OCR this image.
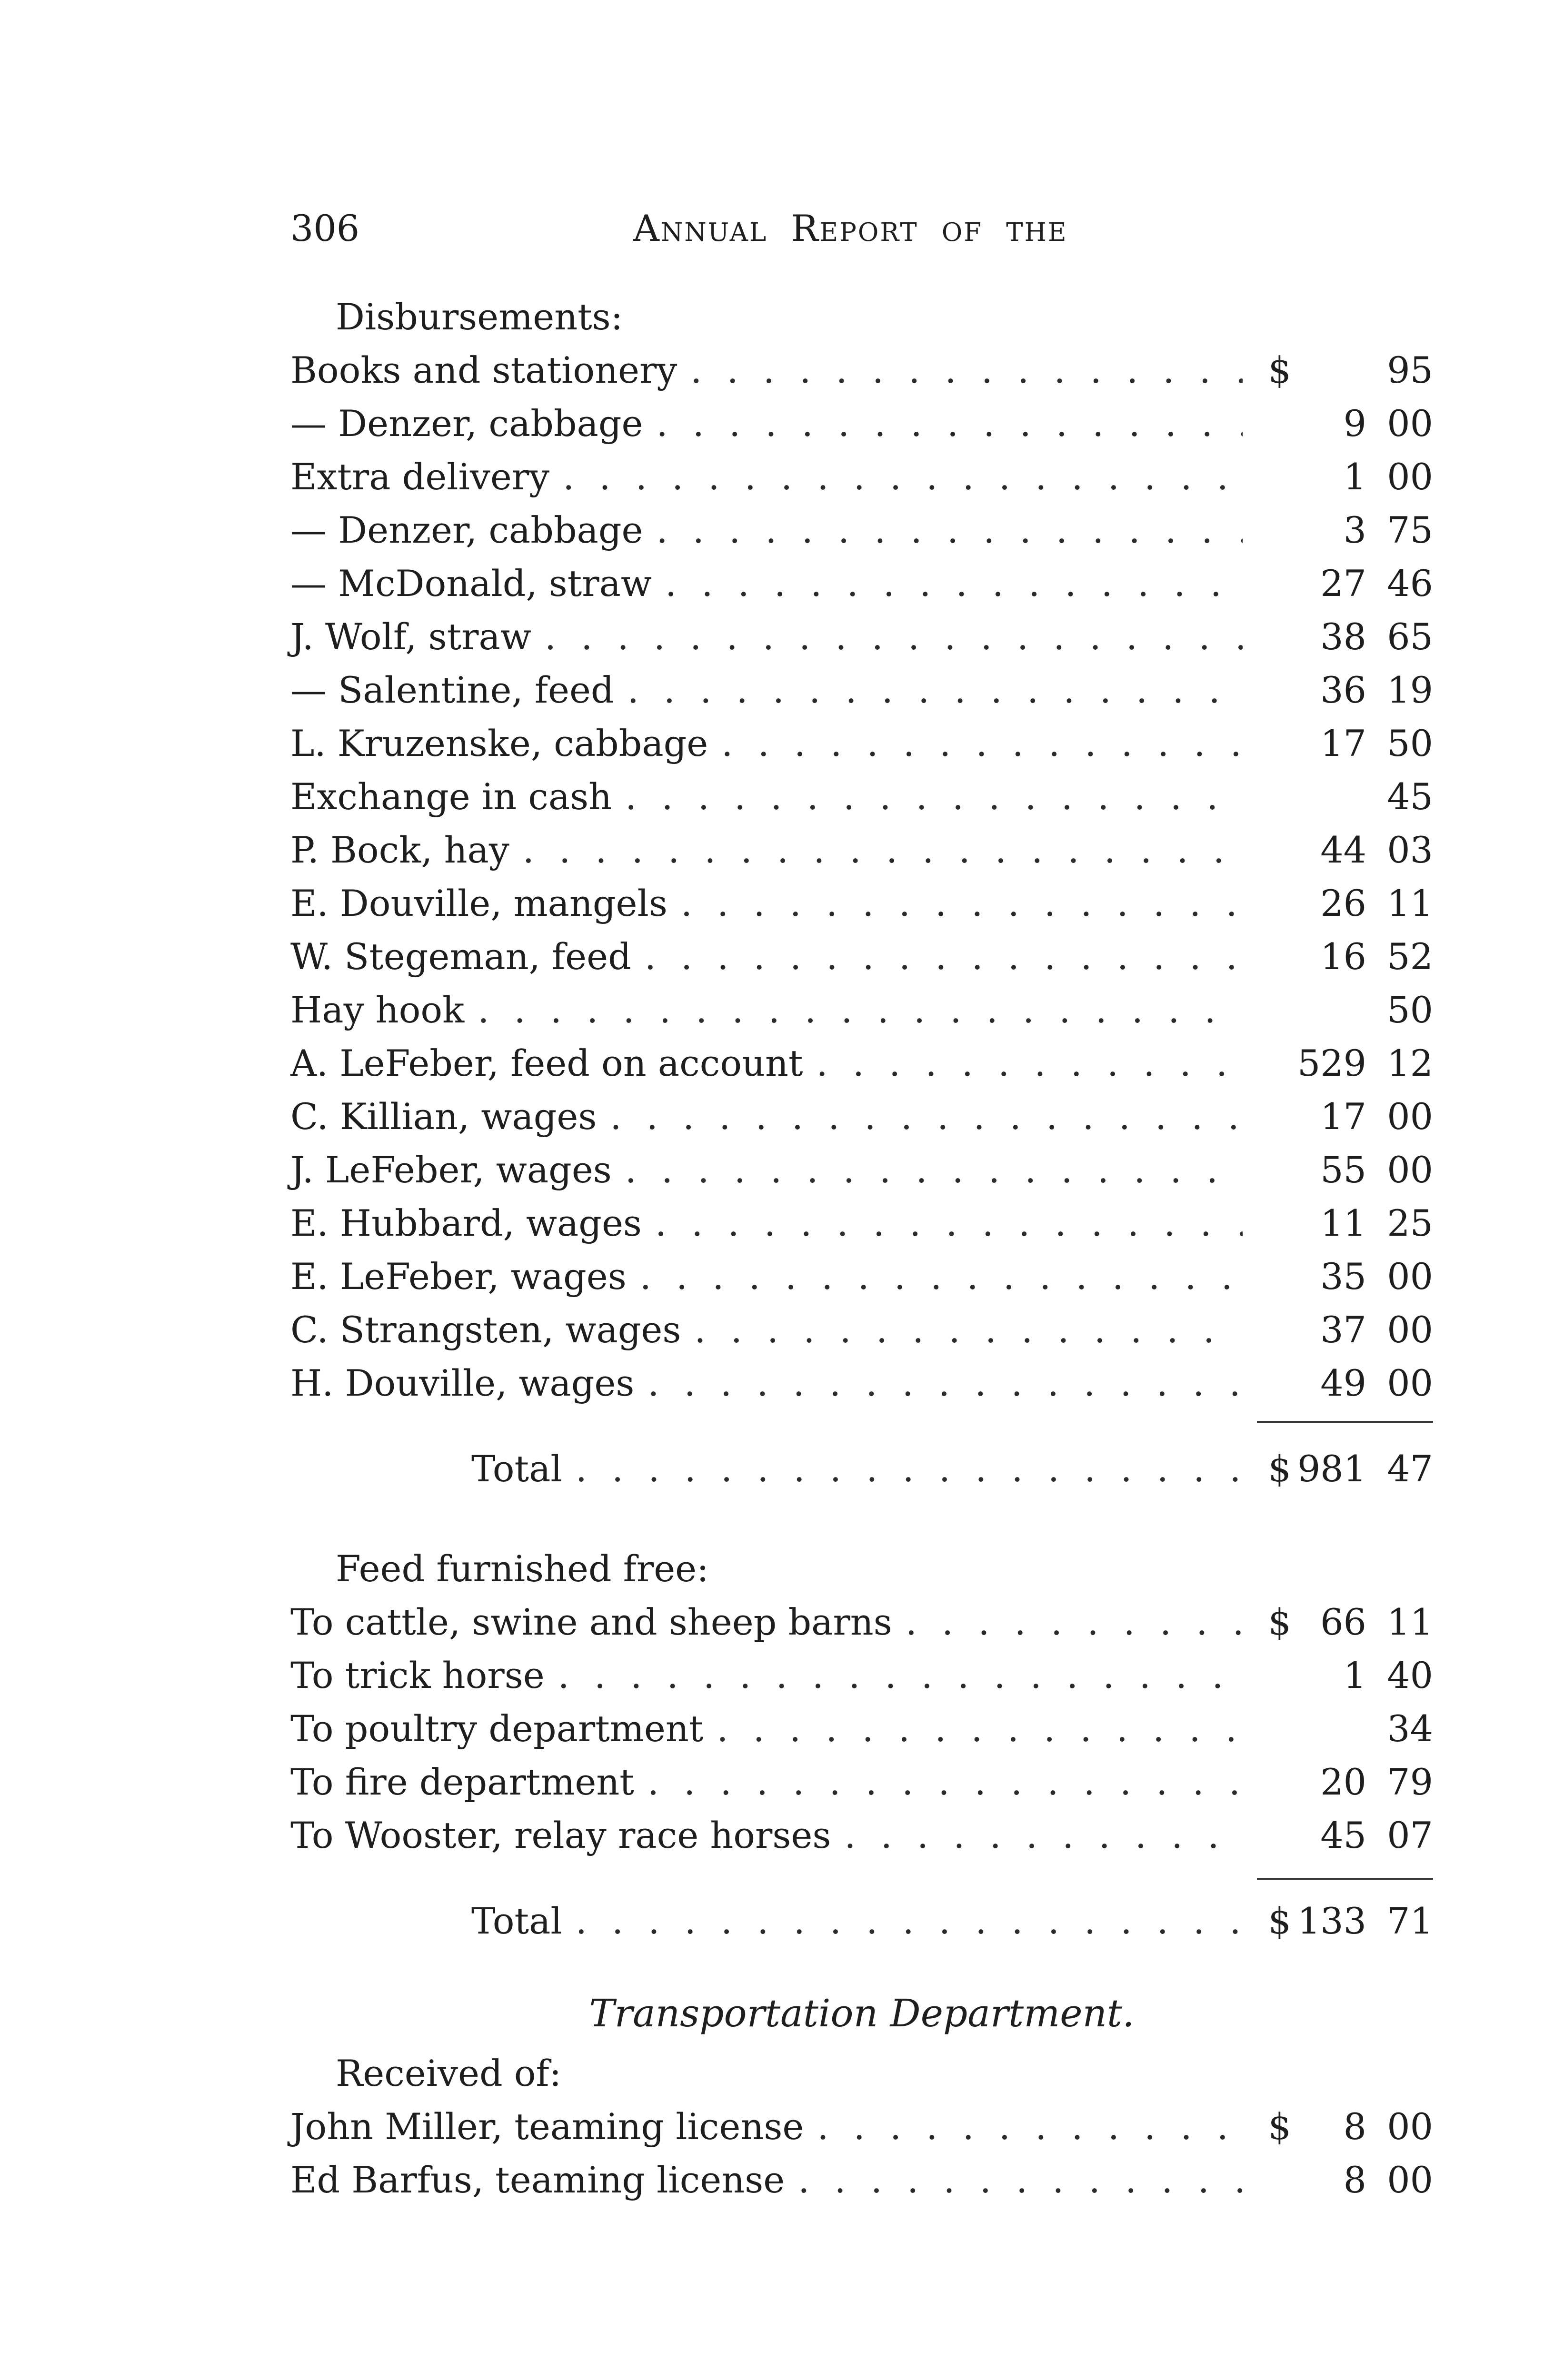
306	Annual Report of the
Disbursements:
Books and stationery . . .	$	95
— Denzer, cabbage . . .	9 00
Extra delivery . . .	1 00
— Denzer, cabbage . . .	3 75
— McDonald, straw . . .	27 46
J. Wolf, straw . . .	38 65
— Salentine, feed . . .	36 19
L. Kruzenske, cabbage . . .	17 50
Exchange in cash . . .	45
P. Bock, hay . . .	44 03
E. Douville, mangels . . .	26 11
W. Stegeman, feed . . .	16 52
Hay hook . . .	50
A. LeFeber, feed on account . . .	529 12
C. Killian, wages . . .	17 00
J. LeFeber, wages . . .	55 00
E. Hubbard, wages . . .	11 25
E. LeFeber, wages . . .	35 00
C. Strangsten, wages . . .	37 00
H. Douville, wages . . .	49 00
Total . . .	$ 981 47
Feed furnished free:
To cattle, swine and sheep barns . . .	$ 66 11
To trick horse . . .	1 40
To poultry department . . .	34
To fire department . . .	20 79
To Wooster, relay race horses . . .	45 07
Total . . .	$ 133 71
Transportation Department.
Received of:
John Miller, teaming license . . .	$ 8 00
Ed Barfus, teaming license . . .	8 00
